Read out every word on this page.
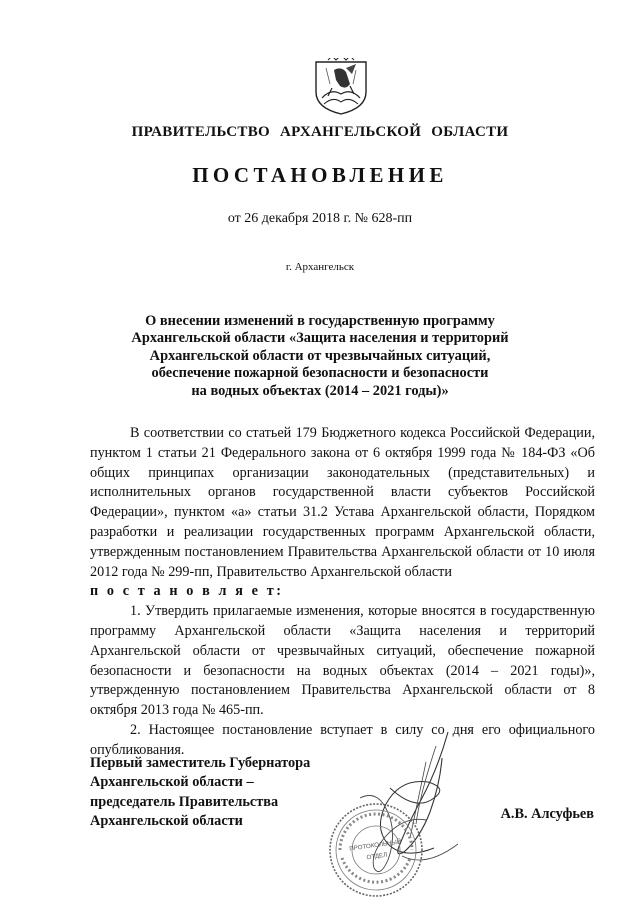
ПРАВИТЕЛЬСТВО АРХАНГЕЛЬСКОЙ ОБЛАСТИ
ПОСТАНОВЛЕНИЕ
от 26 декабря 2018 г. № 628-пп
г. Архангельск
О внесении изменений в государственную программу
Архангельской области «Защита населения и территорий
Архангельской области от чрезвычайных ситуаций,
обеспечение пожарной безопасности и безопасности
на водных объектах (2014 – 2021 годы)»

В соответствии со статьей 179 Бюджетного кодекса Российской Федерации, пунктом 1 статьи 21 Федерального закона от 6 октября 1999 года № 184-ФЗ «Об общих принципах организации законодательных (представительных) и исполнительных органов государственной власти субъектов Российской Федерации», пунктом «а» статьи 31.2 Устава Архангельской области, Порядком разработки и реализации государственных программ Архангельской области, утвержденным постановлением Правительства Архангельской области от 10 июля 2012 года № 299-пп, Правительство Архангельской области

п о с т а н о в л я е т:

1. Утвердить прилагаемые изменения, которые вносятся в государственную программу Архангельской области «Защита населения и территорий Архангельской области от чрезвычайных ситуаций, обеспечение пожарной безопасности и безопасности на водных объектах (2014 – 2021 годы)», утвержденную постановлением Правительства Архангельской области от 8 октября 2013 года № 465-пп.

2. Настоящее постановление вступает в силу со дня его официального опубликования.

Первый заместитель Губернатора
Архангельской области –
председатель Правительства
Архангельской области	А.В. Алсуфьев
ПРОТОКОЛЬНЫЙ
ОТДЕЛ
